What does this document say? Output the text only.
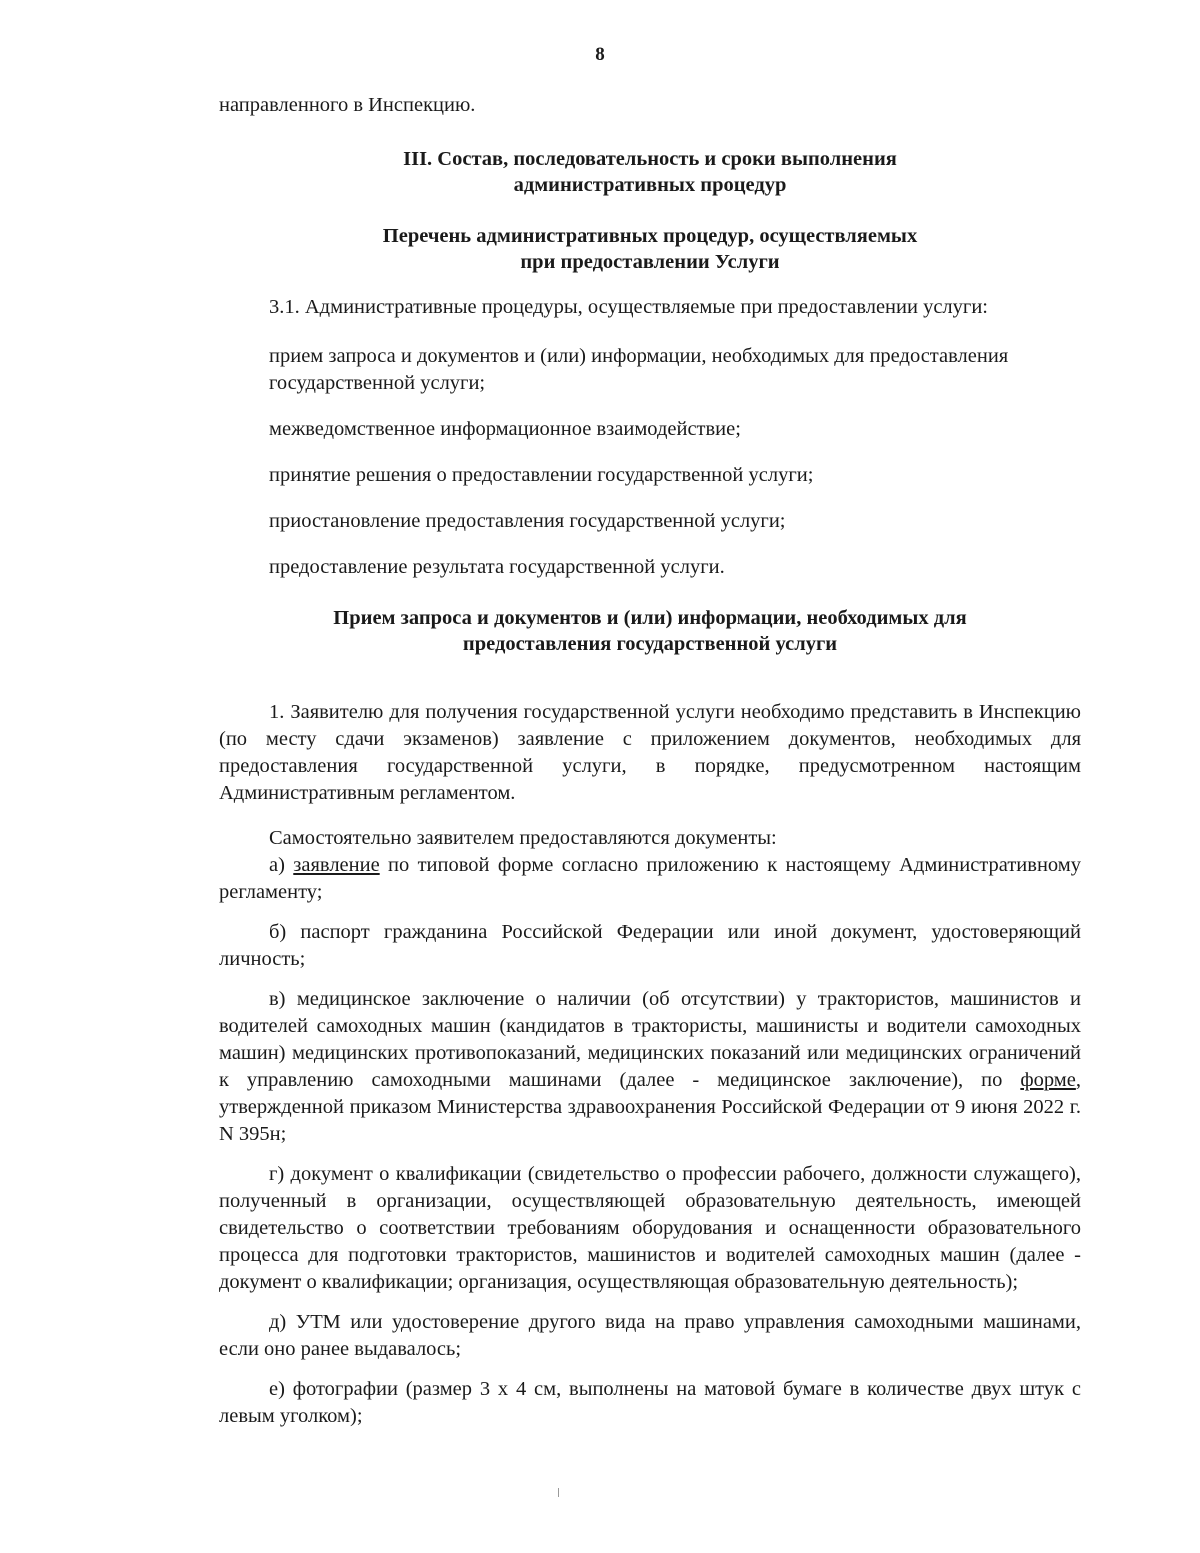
8

направленного в Инспекцию.

III. Состав, последовательность и сроки выполнения
административных процедур
Перечень административных процедур, осуществляемых
при предоставлении Услуги

3.1. Административные процедуры, осуществляемые при предоставлении услуги:

прием запроса и документов и (или) информации, необходимых для предоставления государственной услуги;

межведомственное информационное взаимодействие;

принятие решения о предоставлении государственной услуги;

приостановление предоставления государственной услуги;

предоставление результата государственной услуги.

Прием запроса и документов и (или) информации, необходимых для
предоставления государственной услуги

1. Заявителю для получения государственной услуги необходимо представить в Инспекцию (по месту сдачи экзаменов) заявление с приложением документов, необходимых для предоставления государственной услуги, в порядке, предусмотренном настоящим Административным регламентом.

Самостоятельно заявителем предоставляются документы:

а) заявление по типовой форме согласно приложению к настоящему Административному регламенту;

б) паспорт гражданина Российской Федерации или иной документ, удостоверяющий личность;

в) медицинское заключение о наличии (об отсутствии) у трактористов, машинистов и водителей самоходных машин (кандидатов в трактористы, машинисты и водители самоходных машин) медицинских противопоказаний, медицинских показаний или медицинских ограничений к управлению самоходными машинами (далее - медицинское заключение), по форме, утвержденной приказом Министерства здравоохранения Российской Федерации от 9 июня 2022 г. N 395н;

г) документ о квалификации (свидетельство о профессии рабочего, должности служащего), полученный в организации, осуществляющей образовательную деятельность, имеющей свидетельство о соответствии требованиям оборудования и оснащенности образовательного процесса для подготовки трактористов, машинистов и водителей самоходных машин (далее - документ о квалификации; организация, осуществляющая образовательную деятельность);

д) УТМ или удостоверение другого вида на право управления самоходными машинами, если оно ранее выдавалось;

е) фотографии (размер 3 х 4 см, выполнены на матовой бумаге в количестве двух штук с левым уголком);
